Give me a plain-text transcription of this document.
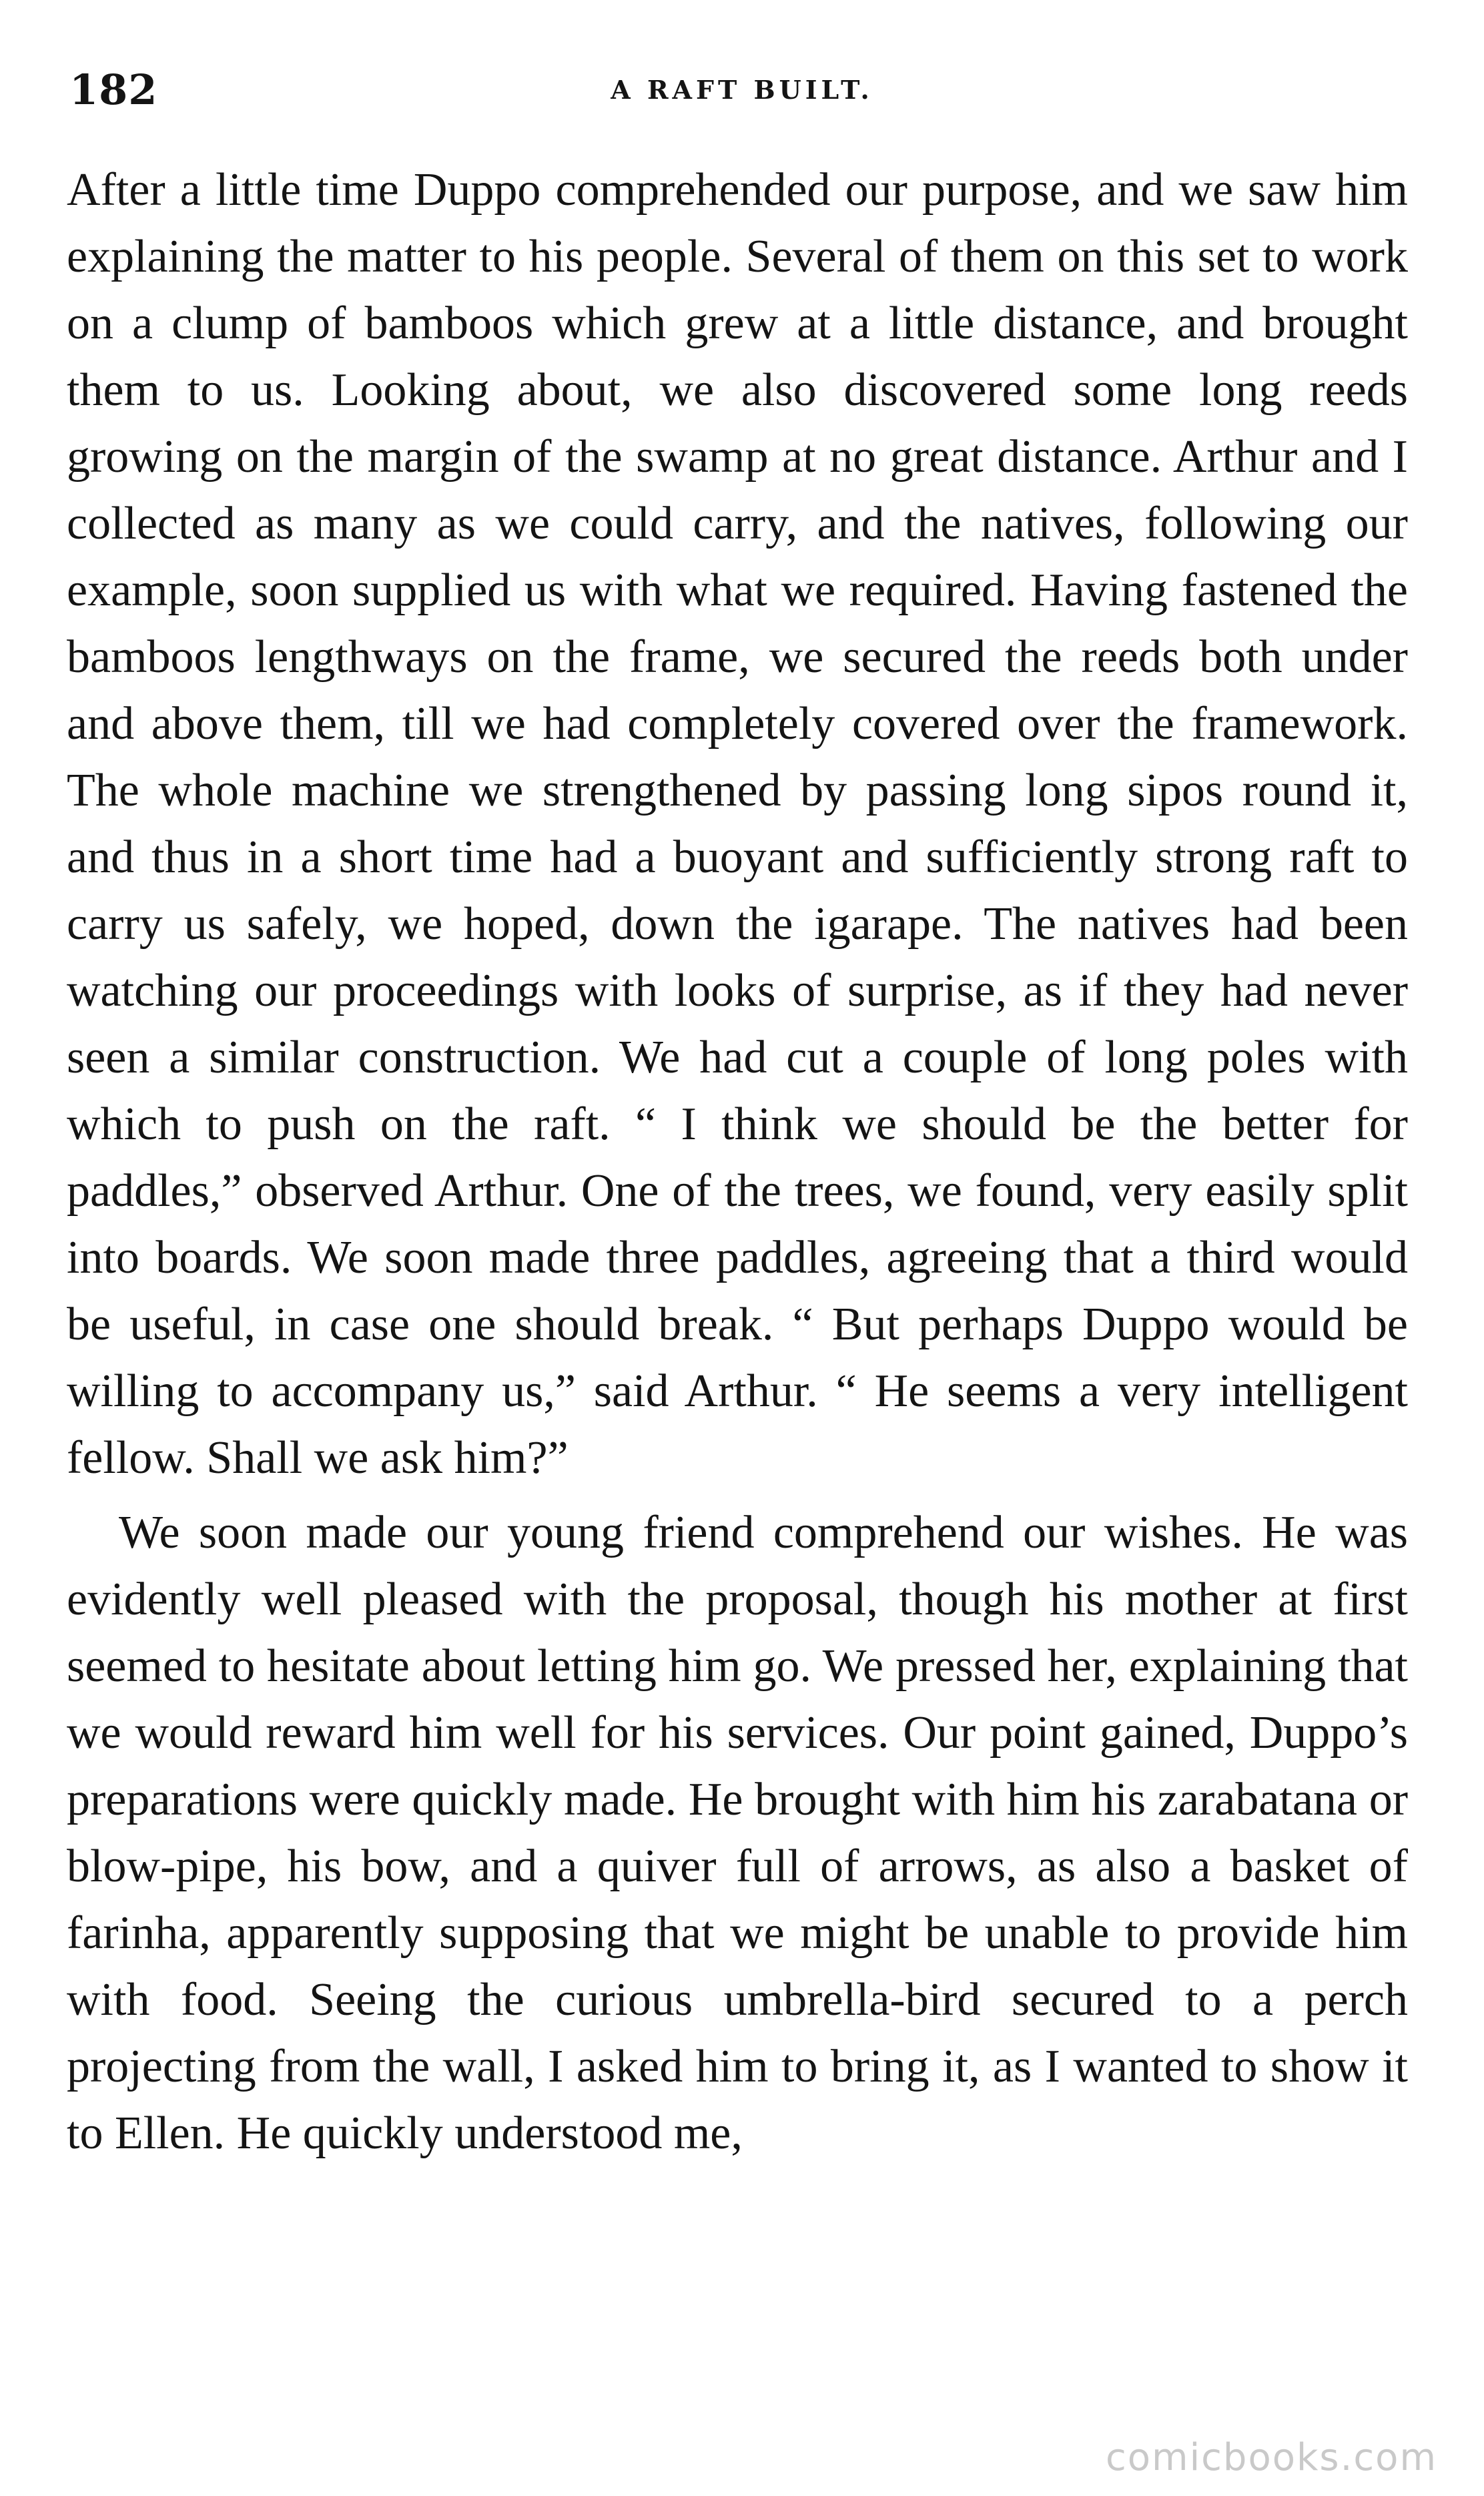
182	A RAFT BUILT.

After a little time Duppo comprehended our purpose, and we saw him explaining the matter to his people. Several of them on this set to work on a clump of bamboos which grew at a little distance, and brought them to us. Looking about, we also discovered some long reeds growing on the margin of the swamp at no great distance. Arthur and I collected as many as we could carry, and the natives, following our example, soon supplied us with what we required. Having fastened the bamboos lengthways on the frame, we secured the reeds both under and above them, till we had completely covered over the framework. The whole machine we strengthened by passing long sipos round it, and thus in a short time had a buoyant and sufficiently strong raft to carry us safely, we hoped, down the igarape. The natives had been watching our proceedings with looks of surprise, as if they had never seen a similar construction. We had cut a couple of long poles with which to push on the raft. “ I think we should be the better for paddles,” observed Arthur. One of the trees, we found, very easily split into boards. We soon made three paddles, agreeing that a third would be useful, in case one should break. “ But perhaps Duppo would be willing to accompany us,” said Arthur. “ He seems a very intelligent fellow. Shall we ask him?”

We soon made our young friend comprehend our wishes. He was evidently well pleased with the proposal, though his mother at first seemed to hesitate about letting him go. We pressed her, explaining that we would reward him well for his services. Our point gained, Duppo’s preparations were quickly made. He brought with him his zarabatana or blow-pipe, his bow, and a quiver full of arrows, as also a basket of farinha, apparently supposing that we might be unable to provide him with food. Seeing the curious umbrella-bird secured to a perch projecting from the wall, I asked him to bring it, as I wanted to show it to Ellen. He quickly understood me,

comicbooks.com
